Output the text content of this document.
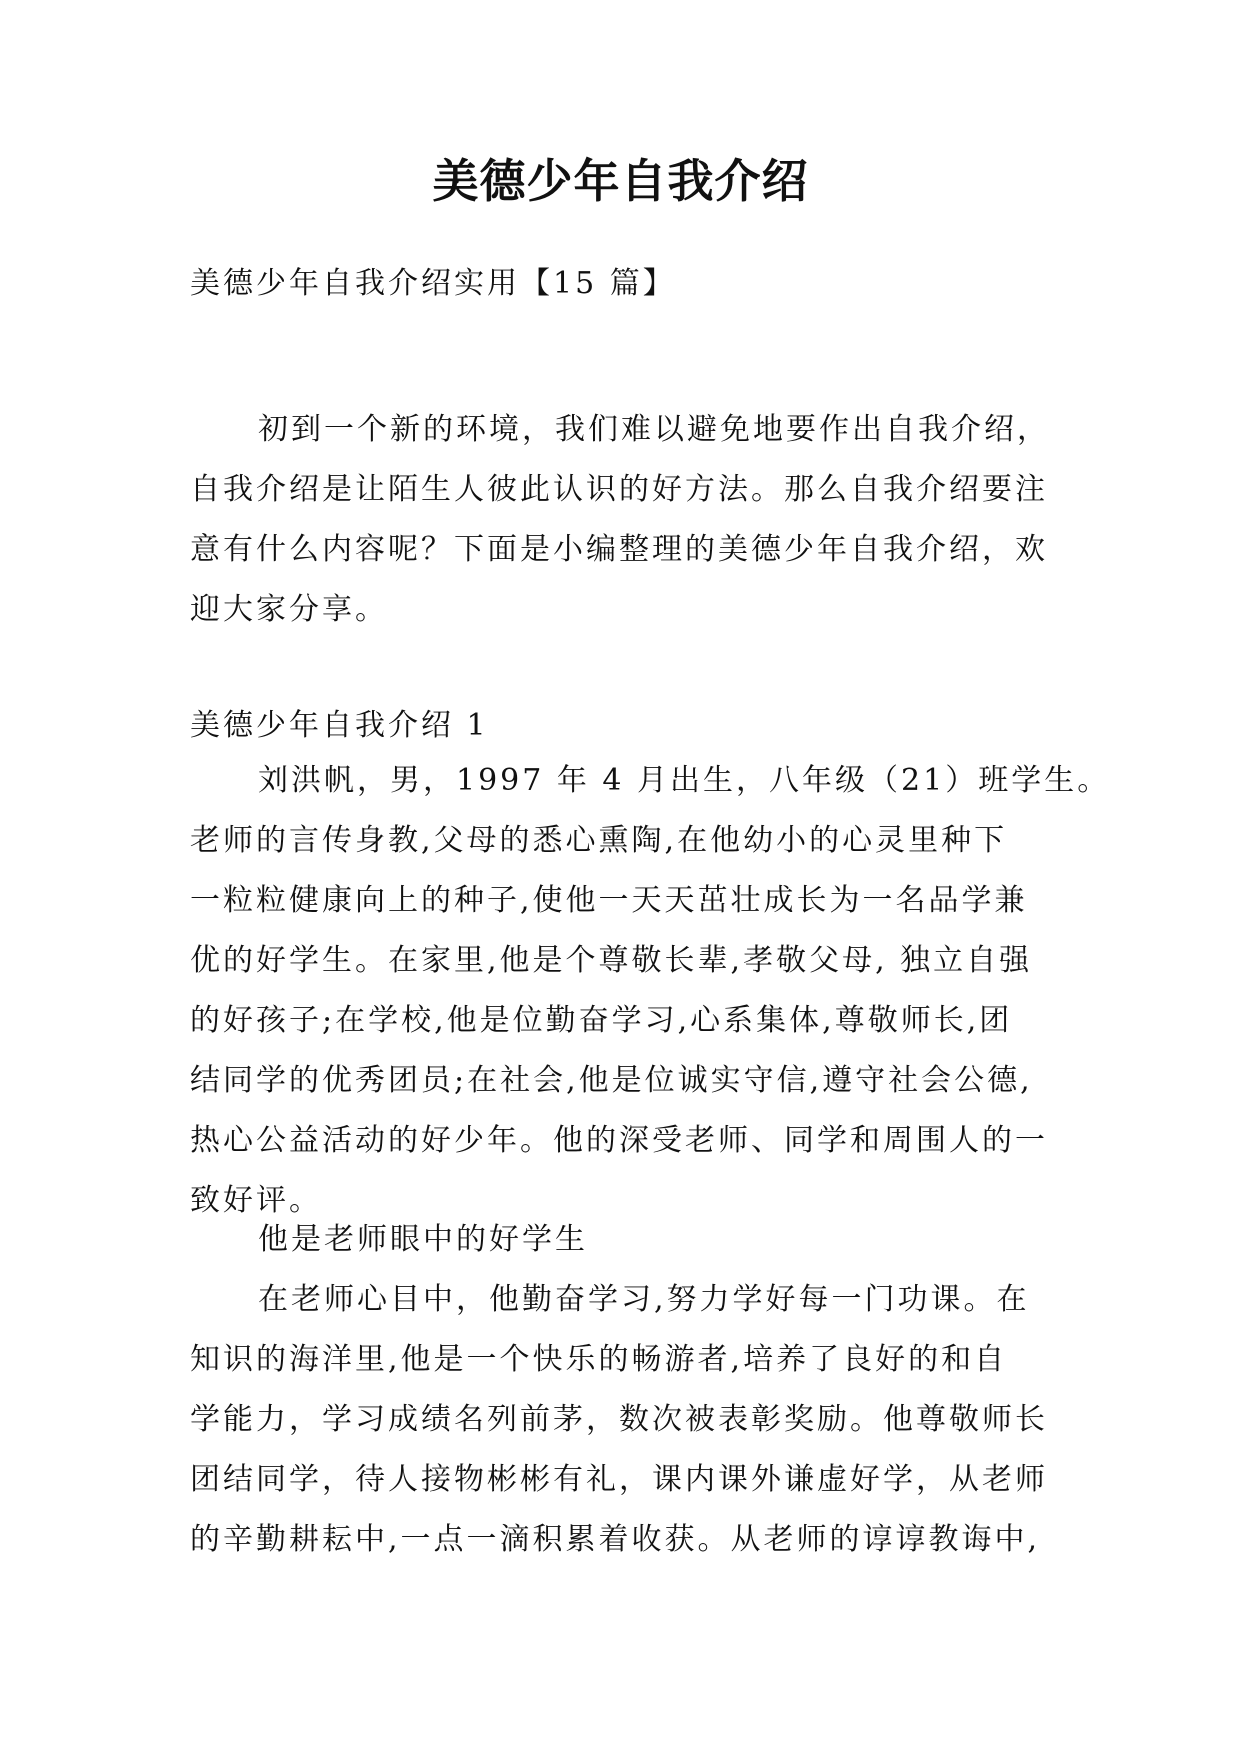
美德少年自我介绍

美德少年自我介绍实用【15 篇】

初到一个新的环境，我们难以避免地要作出自我介绍，
自我介绍是让陌生人彼此认识的好方法。那么自我介绍要注
意有什么内容呢？下面是小编整理的美德少年自我介绍，欢
迎大家分享。

美德少年自我介绍 1

刘洪帆，男，1997 年 4 月出生，八年级（21）班学生。
老师的言传身教,父母的悉心熏陶,在他幼小的心灵里种下
一粒粒健康向上的种子,使他一天天茁壮成长为一名品学兼
优的好学生。在家里,他是个尊敬长辈,孝敬父母, 独立自强
的好孩子;在学校,他是位勤奋学习,心系集体,尊敬师长,团
结同学的优秀团员;在社会,他是位诚实守信,遵守社会公德,
热心公益活动的好少年。他的深受老师、同学和周围人的一
致好评。

他是老师眼中的好学生

在老师心目中，他勤奋学习,努力学好每一门功课。在
知识的海洋里,他是一个快乐的畅游者,培养了良好的和自
学能力，学习成绩名列前茅，数次被表彰奖励。他尊敬师长
团结同学，待人接物彬彬有礼，课内课外谦虚好学，从老师
的辛勤耕耘中,一点一滴积累着收获。从老师的谆谆教诲中,
